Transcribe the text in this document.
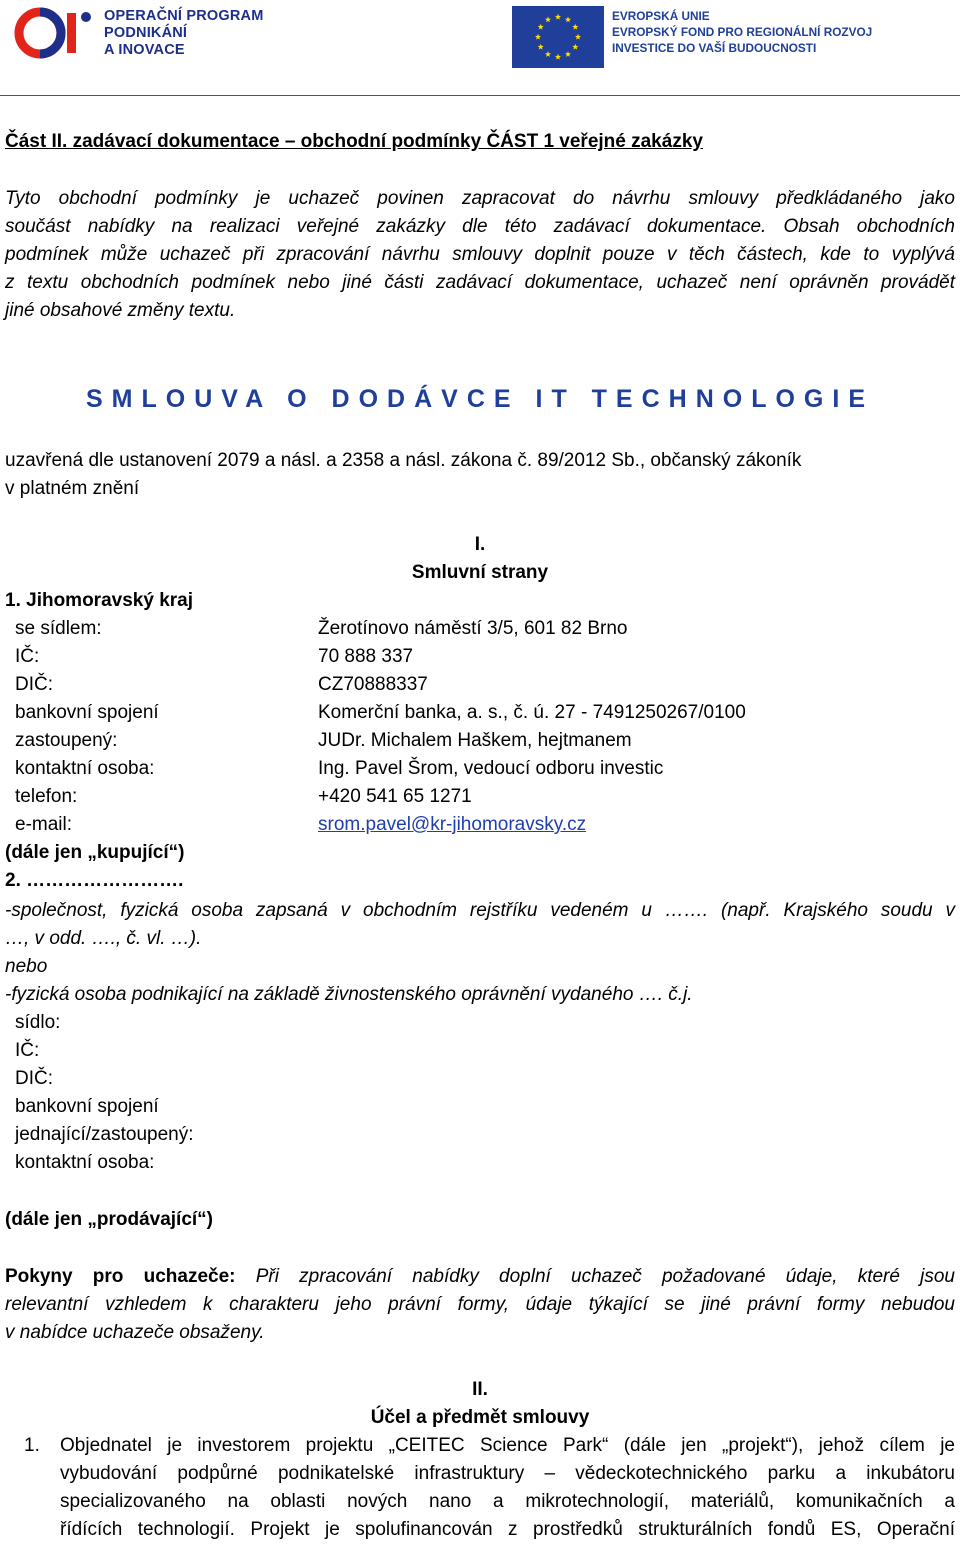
OPERAČNÍ PROGRAM
PODNIKÁNÍ
A INOVACE
EVROPSKÁ UNIE
EVROPSKÝ FOND PRO REGIONÁLNÍ ROZVOJ
INVESTICE DO VAŠÍ BUDOUCNOSTI
Část II. zadávací dokumentace – obchodní podmínky ČÁST 1 veřejné zakázky
Tyto obchodní podmínky je uchazeč povinen zapracovat do návrhu smlouvy předkládaného jako
součást nabídky na realizaci veřejné zakázky dle této zadávací dokumentace. Obsah obchodních
podmínek může uchazeč při zpracování návrhu smlouvy doplnit pouze v těch částech, kde to vyplývá
z textu obchodních podmínek nebo jiné části zadávací dokumentace, uchazeč není oprávněn provádět
jiné obsahové změny textu.
SMLOUVA O DODÁVCE IT TECHNOLOGIE
uzavřená dle ustanovení 2079 a násl. a 2358 a násl. zákona č. 89/2012 Sb., občanský zákoník
v platném znění
I.
Smluvní strany
1. Jihomoravský kraj
se sídlem:	Žerotínovo náměstí 3/5, 601 82 Brno
IČ:	70 888 337
DIČ:	CZ70888337
bankovní spojení	Komerční banka, a. s., č. ú. 27 - 7491250267/0100
zastoupený:	JUDr. Michalem Haškem, hejtmanem
kontaktní osoba:	Ing. Pavel Šrom, vedoucí odboru investic
telefon:	+420 541 65 1271
e-mail:	srom.pavel@kr-jihomoravsky.cz
(dále jen „kupující“)
2. …………………….
-společnost, fyzická osoba zapsaná v obchodním rejstříku vedeném u ……. (např. Krajského soudu v
…, v odd. …., č. vl. …).
nebo
-fyzická osoba podnikající na základě živnostenského oprávnění vydaného …. č.j.
sídlo:
IČ:
DIČ:
bankovní spojení
jednající/zastoupený:
kontaktní osoba:
(dále jen „prodávající“)
Pokyny pro uchazeče: Při zpracování nabídky doplní uchazeč požadované údaje, které jsou
relevantní vzhledem k charakteru jeho právní formy, údaje týkající se jiné právní formy nebudou
v nabídce uchazeče obsaženy.
II.
Účel a předmět smlouvy
1. Objednatel je investorem projektu „CEITEC Science Park“ (dále jen „projekt“), jehož cílem je
vybudování podpůrné podnikatelské infrastruktury – vědeckotechnického parku a inkubátoru
specializovaného na oblasti nových nano a mikrotechnologií, materiálů, komunikačních a
řídících technologií. Projekt je spolufinancován z prostředků strukturálních fondů ES, Operační
